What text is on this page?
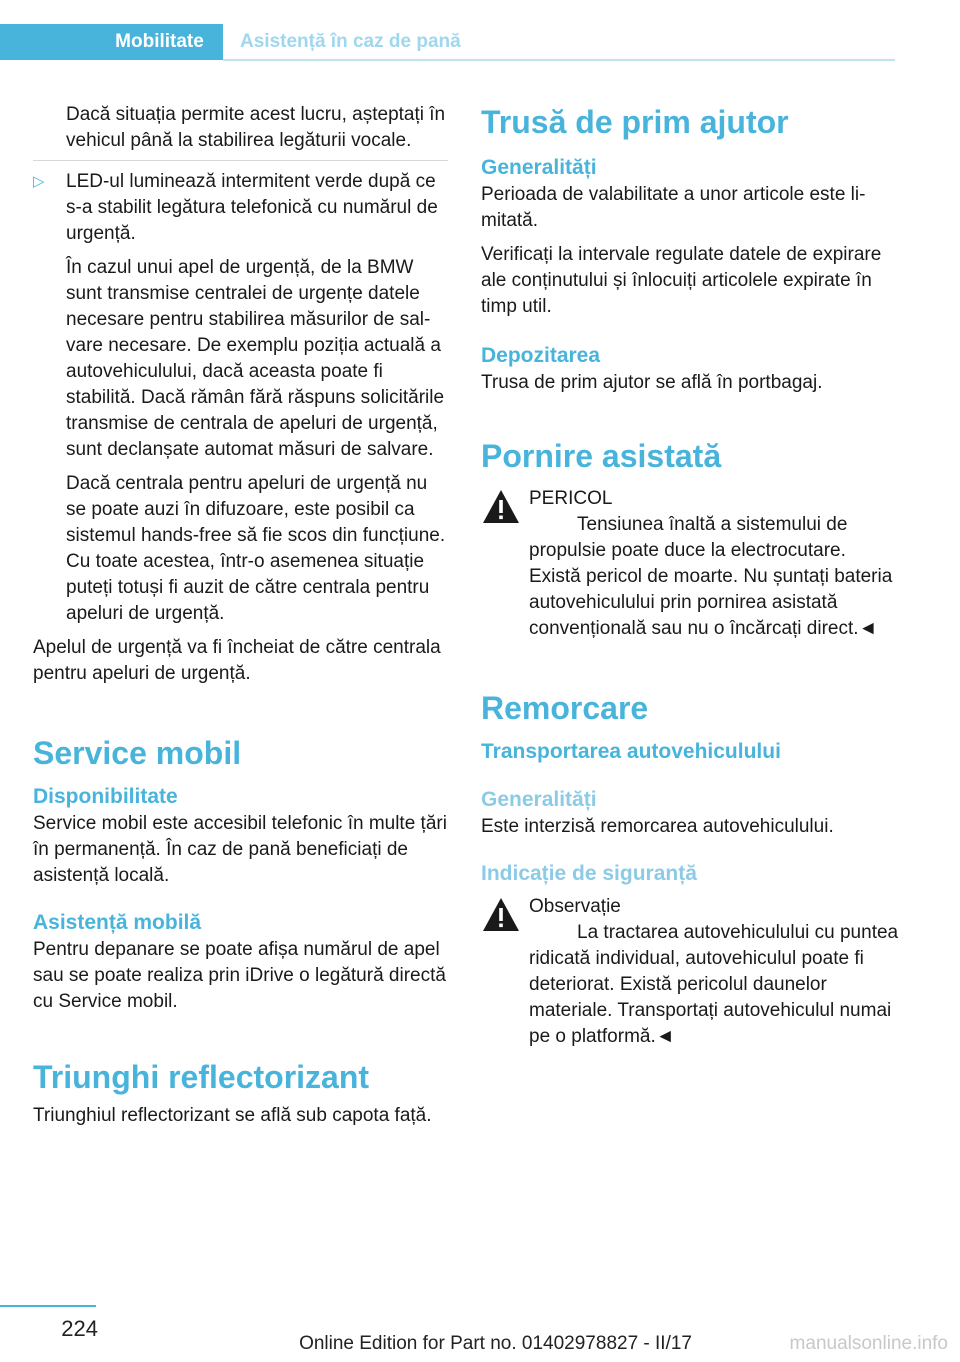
Mobilitate	Asistență în caz de pană

Dacă situația permite acest lucru, așteptați în vehicul până la stabilirea legăturii vocale.

▷ LED-ul luminează intermitent verde după ce s-a stabilit legătura telefonică cu numărul de urgență.

În cazul unui apel de urgență, de la BMW sunt transmise centralei de urgențe datele necesare pentru stabilirea măsurilor de salvare necesare. De exemplu poziția actuală a autovehiculului, dacă aceasta poate fi stabilită. Dacă rămân fără răspuns solicitările transmise de centrala de apeluri de urgență, sunt declanșate automat măsuri de salvare.

Dacă centrala pentru apeluri de urgență nu se poate auzi în difuzoare, este posibil ca sistemul hands-free să fie scos din funcțiune. Cu toate acestea, într-o asemenea situație puteți totuși fi auzit de către centrala pentru apeluri de urgență.

Apelul de urgență va fi încheiat de către centrala pentru apeluri de urgență.

Service mobil
Disponibilitate

Service mobil este accesibil telefonic în multe țări în permanență. În caz de pană beneficiați de asistență locală.

Asistență mobilă

Pentru depanare se poate afișa numărul de apel sau se poate realiza prin iDrive o legătură directă cu Service mobil.

Triunghi reflectorizant

Triunghiul reflectorizant se află sub capota față.

Trusă de prim ajutor
Generalități

Perioada de valabilitate a unor articole este limitată.

Verificați la intervale regulate datele de expirare ale conținutului și înlocuiți articolele expirate în timp util.

Depozitarea

Trusa de prim ajutor se află în portbagaj.

Pornire asistată

PERICOL

Tensiunea înaltă a sistemului de propulsie poate duce la electrocutare. Există pericol de moarte. Nu șuntați bateria autovehiculului prin pornirea asistată convențională sau nu o încărcați direct.◄

Remorcare
Transportarea autovehiculului
Generalități

Este interzisă remorcarea autovehiculului.

Indicație de siguranță

Observație

La tractarea autovehiculului cu puntea ridicată individual, autovehiculul poate fi deteriorat. Există pericolul daunelor materiale. Transportați autovehiculul numai pe o platformă.◄

224
Online Edition for Part no. 01402978827 - II/17	manualsonline.info
